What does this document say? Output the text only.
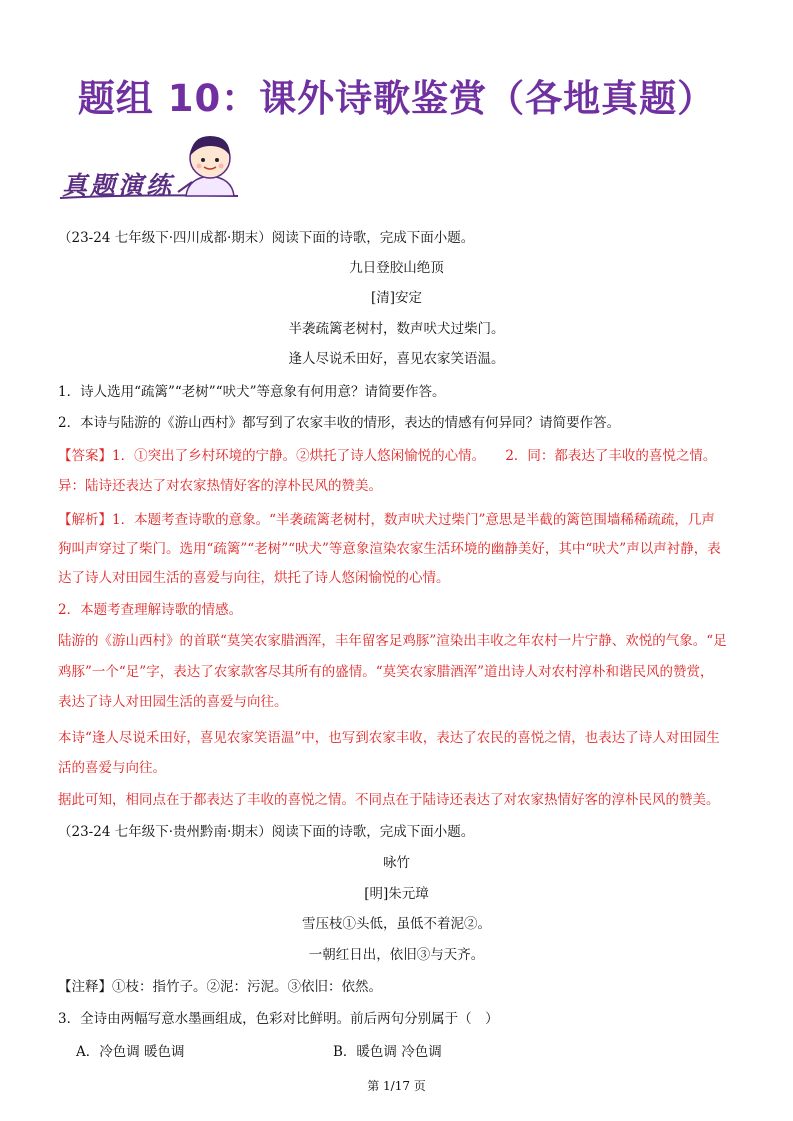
题组 10：课外诗歌鉴赏（各地真题）
真题演练
（23-24 七年级下·四川成都·期末）阅读下面的诗歌，完成下面小题。
九日登胶山绝顶
[清]安定
半袭疏篱老树村，数声吠犬过柴门。
逢人尽说禾田好，喜见农家笑语温。
1．诗人选用“疏篱”“老树”“吠犬”等意象有何用意？请简要作答。
2．本诗与陆游的《游山西村》都写到了农家丰收的情形，表达的情感有何异同？请简要作答。
【答案】1．①突出了乡村环境的宁静。②烘托了诗人悠闲愉悦的心情。　　2．同：都表达了丰收的喜悦之情。
异：陆诗还表达了对农家热情好客的淳朴民风的赞美。
【解析】1．本题考查诗歌的意象。“半袭疏篱老树村，数声吠犬过柴门”意思是半截的篱笆围墙稀稀疏疏，几声
狗叫声穿过了柴门。选用“疏篱”“老树”“吠犬”等意象渲染农家生活环境的幽静美好，其中“吠犬”声以声衬静，表
达了诗人对田园生活的喜爱与向往，烘托了诗人悠闲愉悦的心情。
2．本题考查理解诗歌的情感。
陆游的《游山西村》的首联“莫笑农家腊酒浑，丰年留客足鸡豚”渲染出丰收之年农村一片宁静、欢悦的气象。“足
鸡豚”一个“足”字，表达了农家款客尽其所有的盛情。“莫笑农家腊酒浑”道出诗人对农村淳朴和谐民风的赞赏，
表达了诗人对田园生活的喜爱与向往。
本诗“逢人尽说禾田好，喜见农家笑语温”中，也写到农家丰收，表达了农民的喜悦之情，也表达了诗人对田园生
活的喜爱与向往。
据此可知，相同点在于都表达了丰收的喜悦之情。不同点在于陆诗还表达了对农家热情好客的淳朴民风的赞美。
（23-24 七年级下·贵州黔南·期末）阅读下面的诗歌，完成下面小题。
咏竹
[明]朱元璋
雪压枝①头低，虽低不着泥②。
一朝红日出，依旧③与天齐。
【注释】①枝：指竹子。②泥：污泥。③依旧：依然。
3．全诗由两幅写意水墨画组成，色彩对比鲜明。前后两句分别属于（　）
A．冷色调 暖色调	B．暖色调 冷色调
第 1/17 页
